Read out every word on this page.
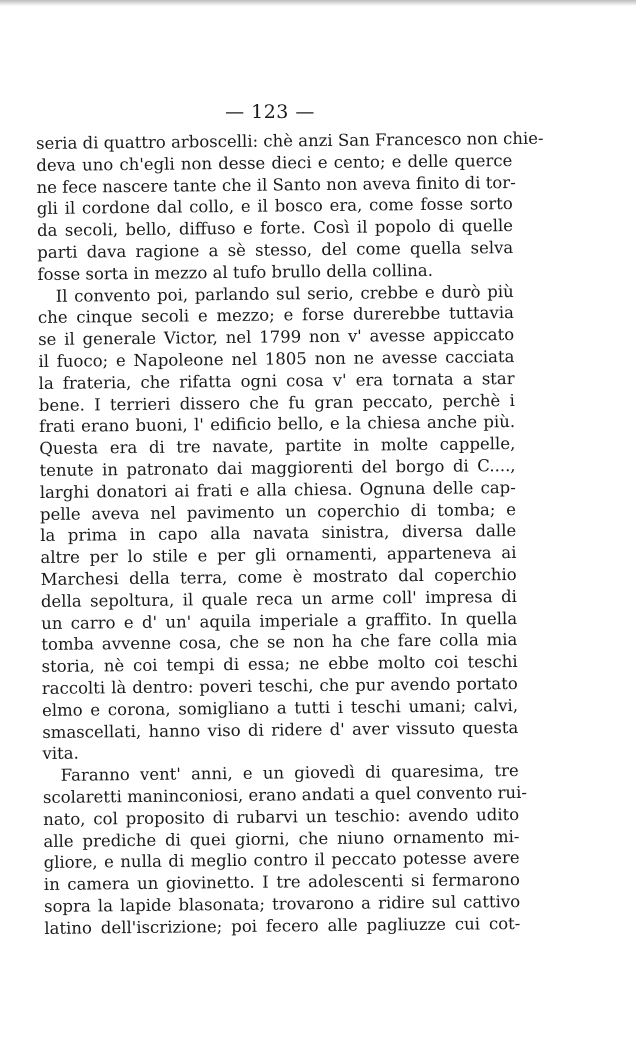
— 123 —
seria di quattro arboscelli: chè anzi San Francesco non chie-
deva uno ch'egli non desse dieci e cento; e delle querce
ne fece nascere tante che il Santo non aveva finito di tor-
gli il cordone dal collo, e il bosco era, come fosse sorto
da secoli, bello, diffuso e forte. Così il popolo di quelle
parti dava ragione a sè stesso, del come quella selva
fosse sorta in mezzo al tufo brullo della collina.
Il convento poi, parlando sul serio, crebbe e durò più
che cinque secoli e mezzo; e forse durerebbe tuttavia
se il generale Victor, nel 1799 non v' avesse appiccato
il fuoco; e Napoleone nel 1805 non ne avesse cacciata
la frateria, che rifatta ogni cosa v' era tornata a star
bene. I terrieri dissero che fu gran peccato, perchè i
frati erano buoni, l' edificio bello, e la chiesa anche più.
Questa era di tre navate, partite in molte cappelle,
tenute in patronato dai maggiorenti del borgo di C....,
larghi donatori ai frati e alla chiesa. Ognuna delle cap-
pelle aveva nel pavimento un coperchio di tomba; e
la prima in capo alla navata sinistra, diversa dalle
altre per lo stile e per gli ornamenti, apparteneva ai
Marchesi della terra, come è mostrato dal coperchio
della sepoltura, il quale reca un arme coll' impresa di
un carro e d' un' aquila imperiale a graffito. In quella
tomba avvenne cosa, che se non ha che fare colla mia
storia, nè coi tempi di essa; ne ebbe molto coi teschi
raccolti là dentro: poveri teschi, che pur avendo portato
elmo e corona, somigliano a tutti i teschi umani; calvi,
smascellati, hanno viso di ridere d' aver vissuto questa
vita.
Faranno vent' anni, e un giovedì di quaresima, tre
scolaretti maninconiosi, erano andati a quel convento rui-
nato, col proposito di rubarvi un teschio: avendo udito
alle prediche di quei giorni, che niuno ornamento mi-
gliore, e nulla di meglio contro il peccato potesse avere
in camera un giovinetto. I tre adolescenti si fermarono
sopra la lapide blasonata; trovarono a ridire sul cattivo
latino dell'iscrizione; poi fecero alle pagliuzze cui cot-
